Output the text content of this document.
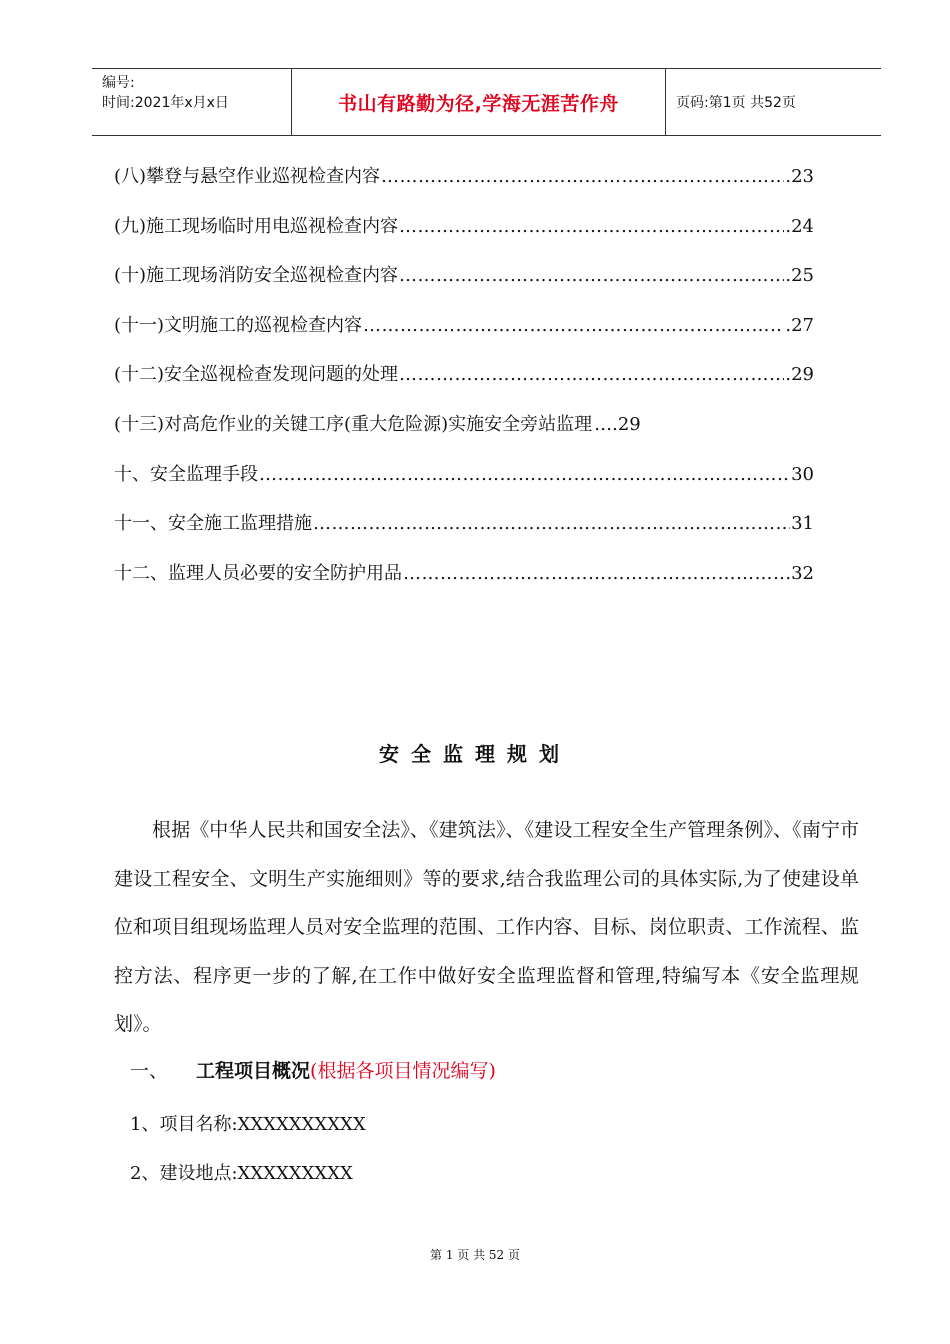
编号:
时间:2021年x月x日	书山有路勤为径,学海无涯苦作舟	页码:第1页 共52页
(八)攀登与悬空作业巡视检查内容 …………………………………………………………………………………………………………	.23
(九)施工现场临时用电巡视检查内容 …………………………………………………………………………………………………………	.24
(十)施工现场消防安全巡视检查内容 …………………………………………………………………………………………………………	.25
(十一)文明施工的巡视检查内容 …………………………………………………………………………………………………………	.27
(十二)安全巡视检查发现问题的处理 …………………………………………………………………………………………………………	.29
(十三)对高危作业的关键工序(重大危险源)实施安全旁站监理 ….29
十、安全监理手段 …………………………………………………………………………………………………………	30
十一、安全施工监理措施 …………………………………………………………………………………………………………	31
十二、监理人员必要的安全防护用品 …………………………………………………………………………………………………………	.32
安全监理规划
根据《中华人民共和国安全法》、《建筑法》、《建设工程安全生产管理条例》、《南宁市建设工程安全、文明生产实施细则》等的要求,结合我监理公司的具体实际,为了使建设单位和项目组现场监理人员对安全监理的范围、工作内容、目标、岗位职责、工作流程、监控方法、程序更一步的了解,在工作中做好安全监理监督和管理,特编写本《安全监理规划》。
一、 工程项目概况(根据各项目情况编写)
1、项目名称:XXXXXXXXXX
2、建设地点:XXXXXXXXX
第 1 页 共 52 页
